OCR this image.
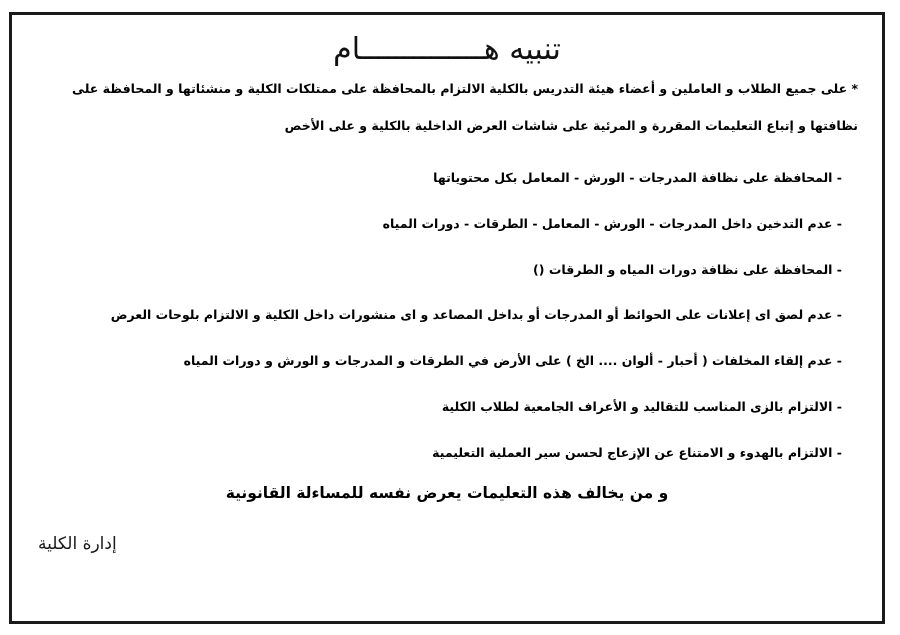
تنبيه هــــــــــــــام

* على جميع الطلاب و العاملين و أعضاء هيئة التدريس بالكلية الالتزام بالمحافظة على ممتلكات الكلية و منشئاتها و المحافظة على
نظافتها و إتباع التعليمات المقررة و المرئية على شاشات العرض الداخلية بالكلية و على الأخص

- المحافظة على نظافة المدرجات - الورش - المعامل بكل محتوياتها
- عدم التدخين داخل المدرجات - الورش - المعامل - الطرقات - دورات المياه
- المحافظة على نظافة دورات المياه و الطرقات ()
- عدم لصق اى إعلانات على الحوائط أو المدرجات أو بداخل المصاعد و اى منشورات داخل الكلية و الالتزام بلوحات العرض
- عدم إلقاء المخلفات ( أحبار - ألوان .... الخ ) على الأرض في الطرقات و المدرجات و الورش و دورات المياه
- الالتزام بالزى المناسب للتقاليد و الأعراف الجامعية لطلاب الكلية
- الالتزام بالهدوء و الامتناع عن الإزعاج لحسن سير العملية التعليمية

و من يخالف هذه التعليمات يعرض نفسه للمساءلة القانونية

إدارة الكلية
